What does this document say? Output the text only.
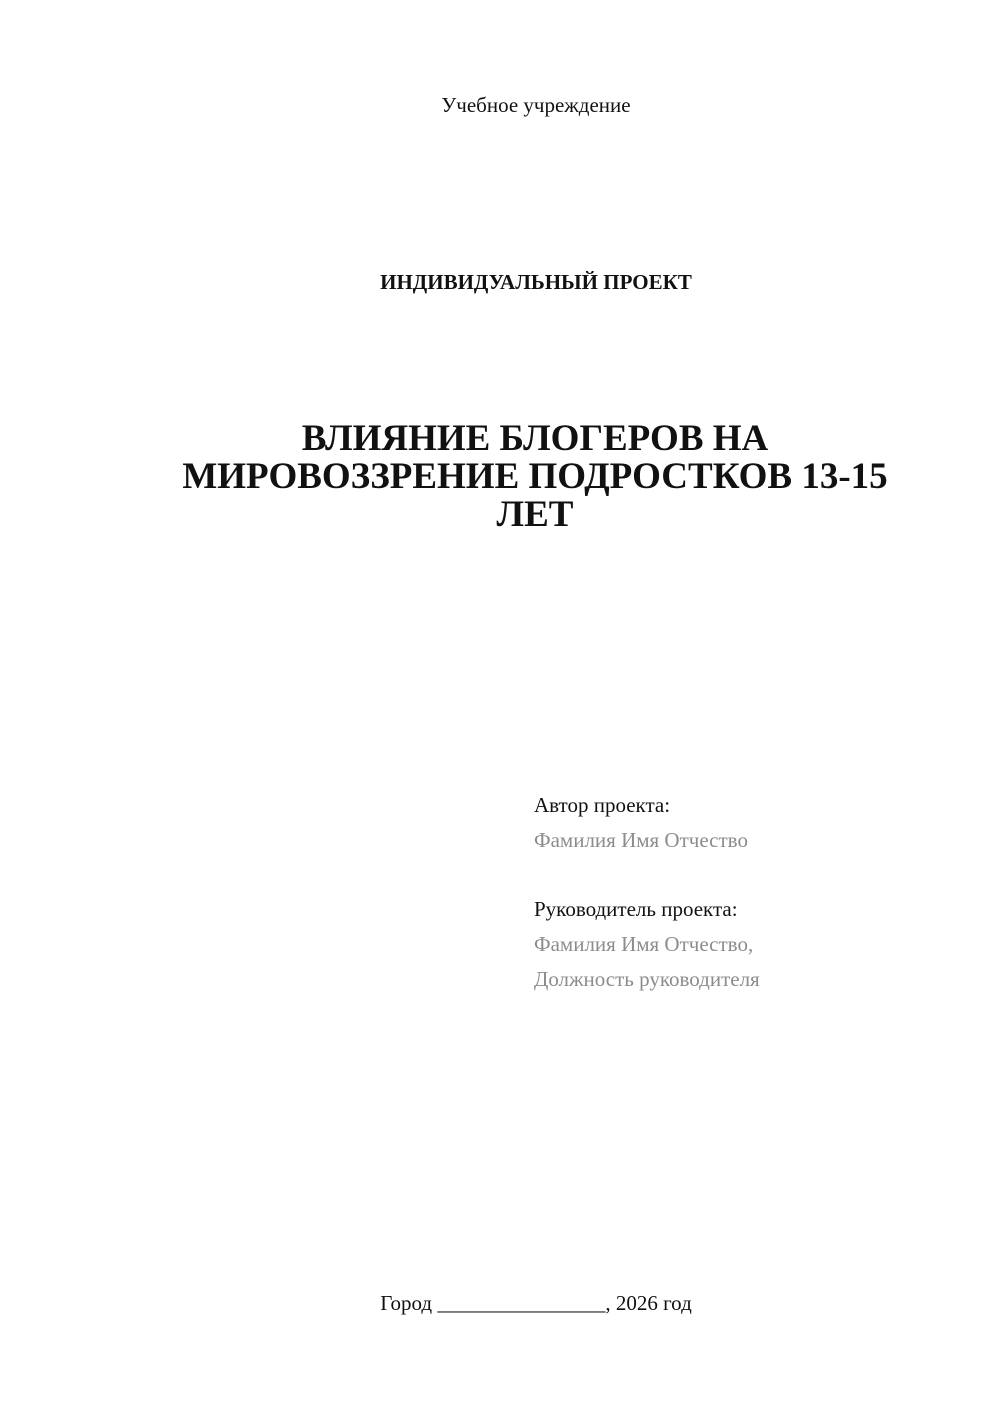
Учебное учреждение
ИНДИВИДУАЛЬНЫЙ ПРОЕКТ
ВЛИЯНИЕ БЛОГЕРОВ НА
МИРОВОЗЗРЕНИЕ ПОДРОСТКОВ 13-15
ЛЕТ
Автор проекта:
Фамилия Имя Отчество
Руководитель проекта:
Фамилия Имя Отчество,
Должность руководителя
Город ________________, 2026 год
